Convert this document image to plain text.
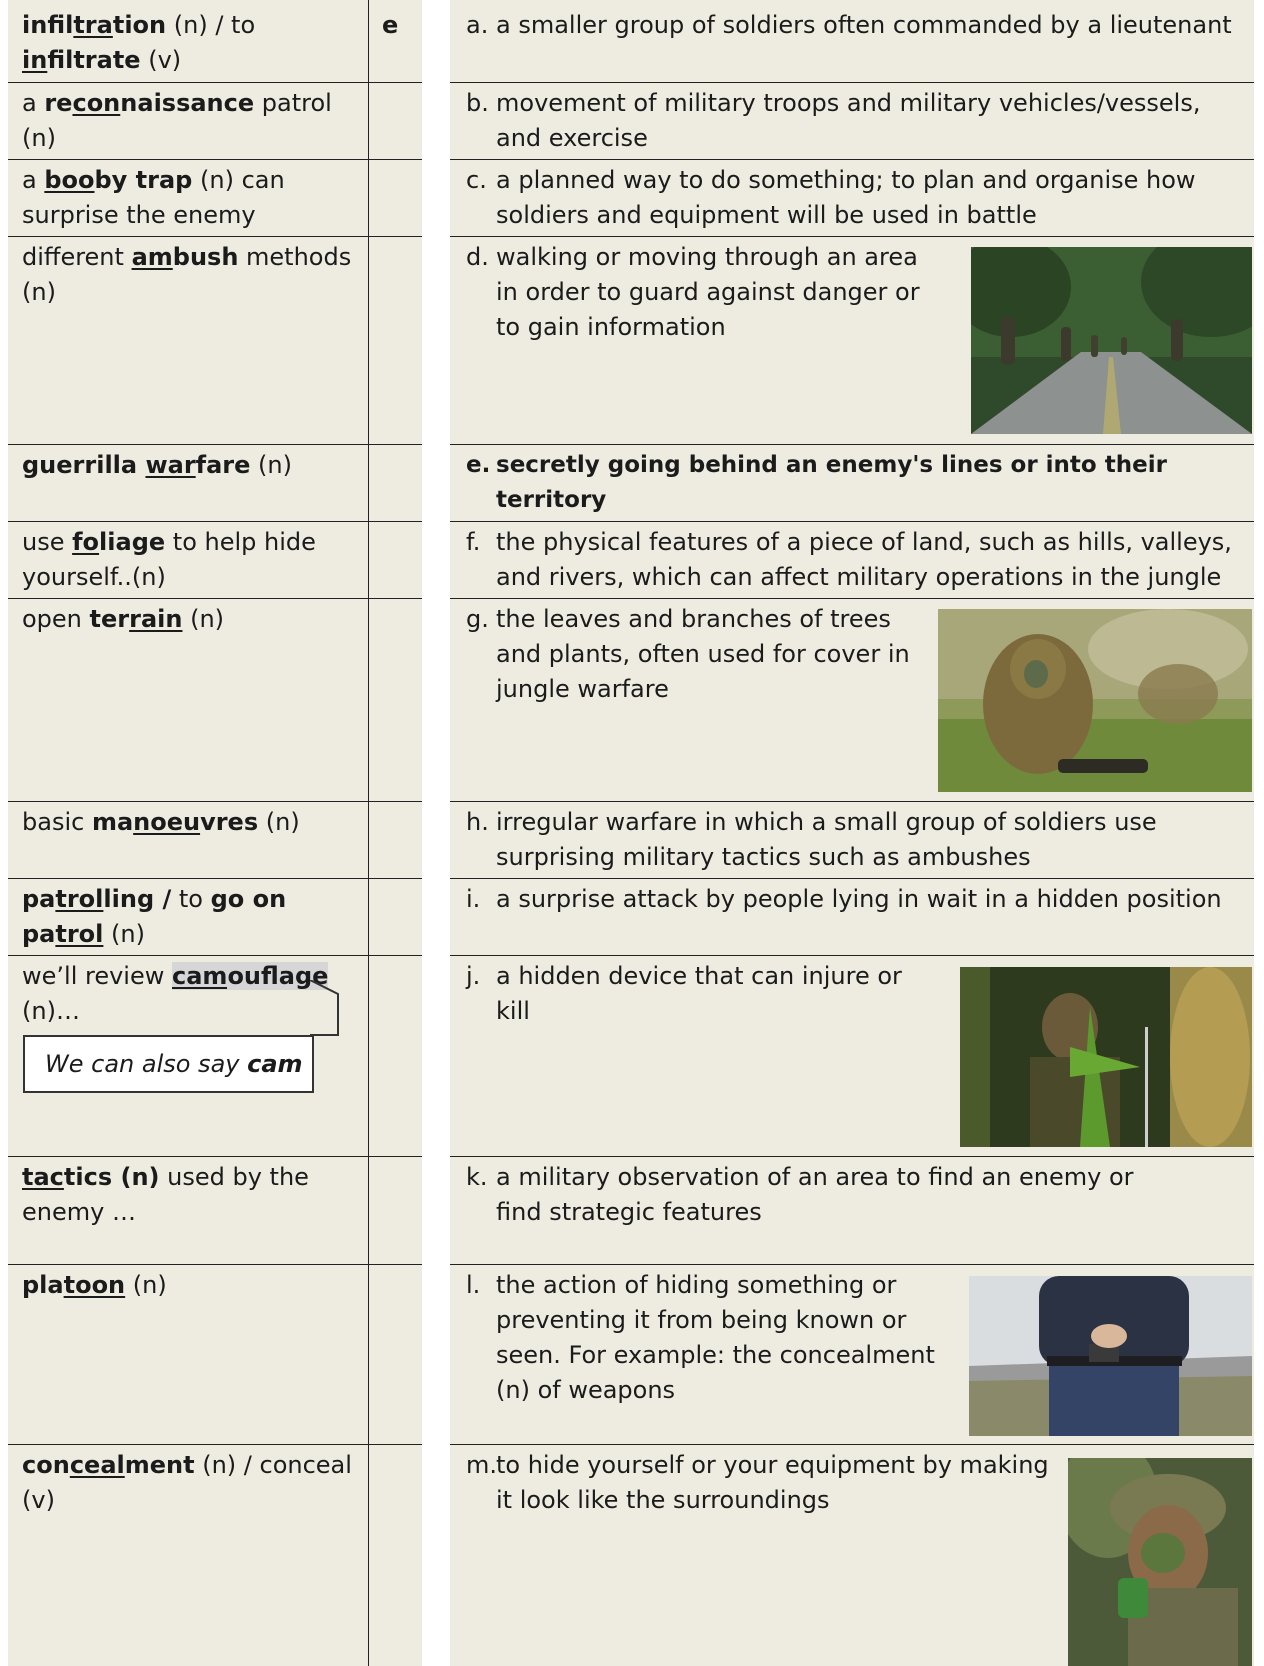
infiltration (n) / to infiltrate (v)
e
a reconnaissance patrol (n)
a booby trap (n) can surprise the enemy
different ambush methods (n)
guerrilla warfare (n)
use foliage to help hide yourself..(n)
open terrain (n)
basic manoeuvres (n)
patrolling / to go on patrol (n)
we’ll review camouflage (n)…
We can also say cam
tactics (n) used by the enemy …
platoon (n)
concealment (n) / conceal (v)
a. a smaller group of soldiers often commanded by a lieutenant
b. movement of military troops and military vehicles/vessels, and exercise
c. a planned way to do something; to plan and organise how soldiers and equipment will be used in battle
d. walking or moving through an area in order to guard against danger or to gain information
e. secretly going behind an enemy's lines or into their territory
f. the physical features of a piece of land, such as hills, valleys, and rivers, which can affect military operations in the jungle
g. the leaves and branches of trees and plants, often used for cover in jungle warfare
h. irregular warfare in which a small group of soldiers use surprising military tactics such as ambushes
i. a surprise attack by people lying in wait in a hidden position
j. a hidden device that can injure or kill
k. a military observation of an area to find an enemy or find strategic features
l. the action of hiding something or preventing it from being known or seen. For example: the concealment (n) of weapons
m.
to hide yourself or your equipment by making it look like the surroundings
